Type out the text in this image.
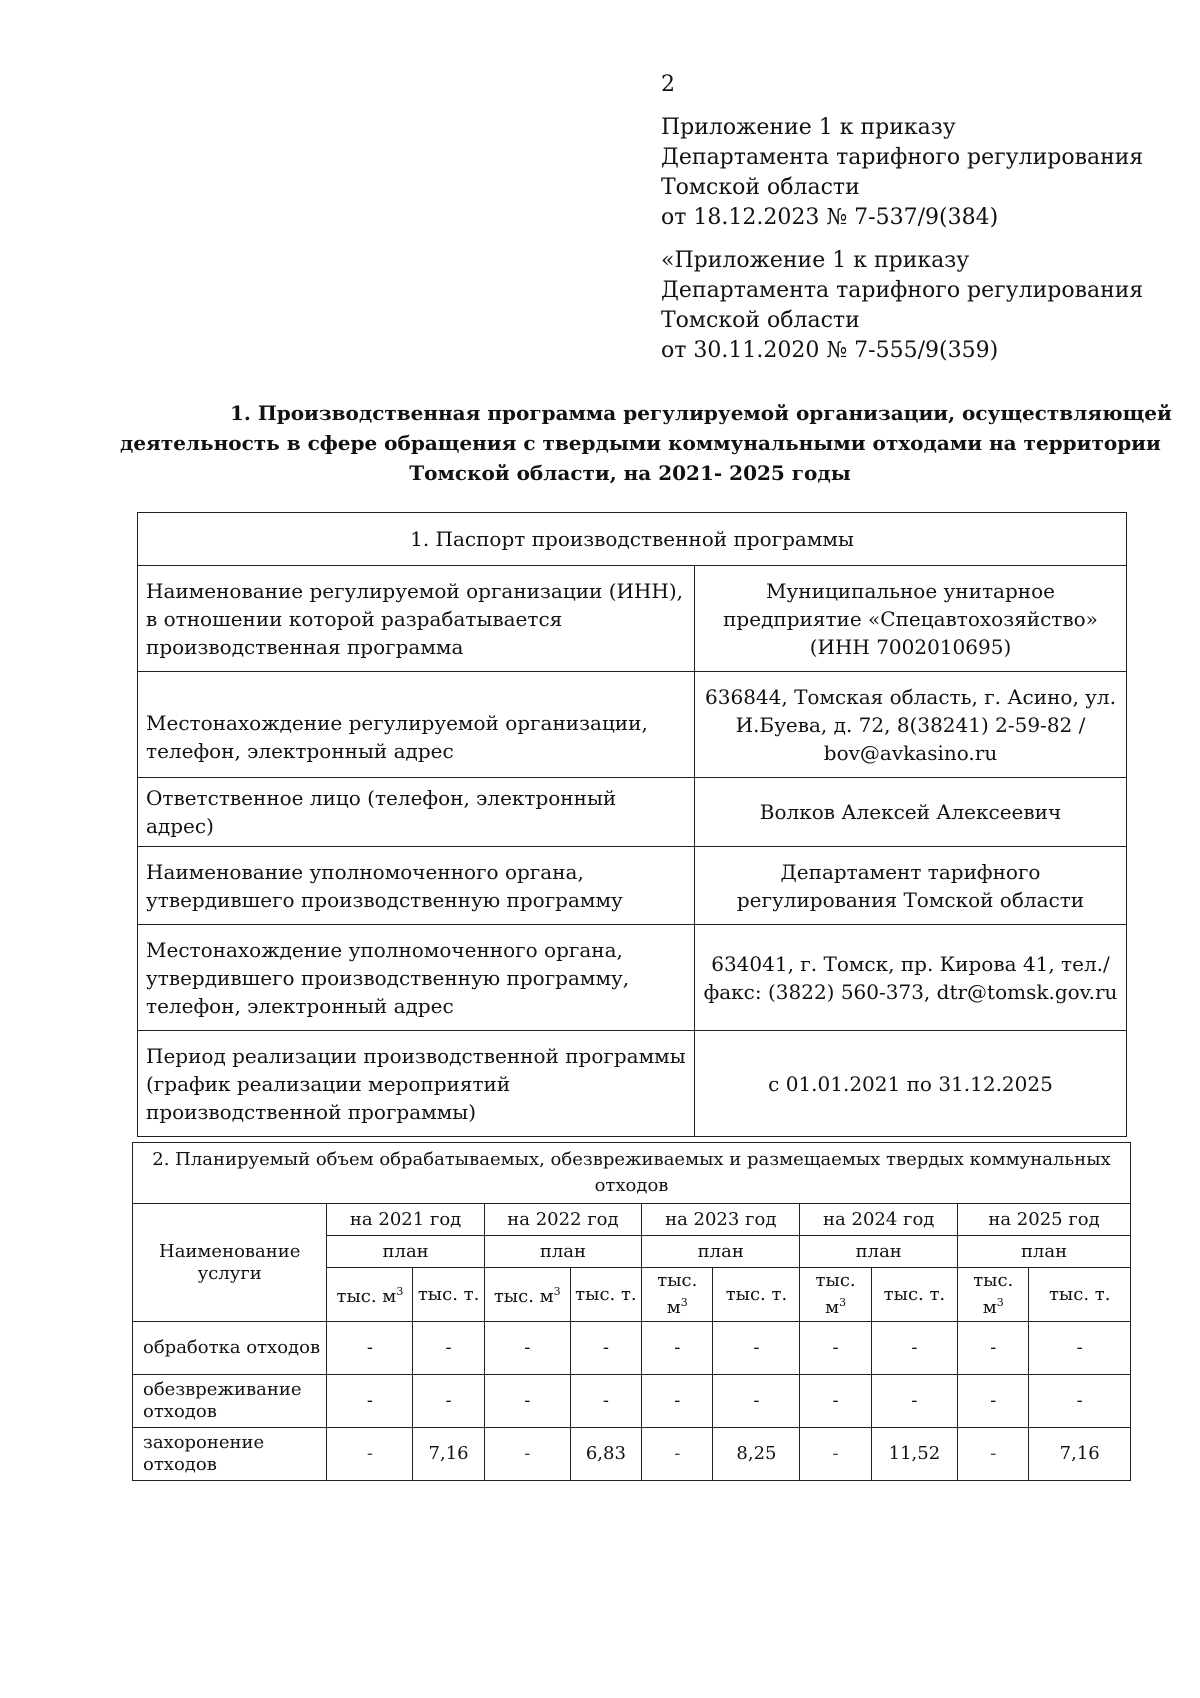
2
Приложение 1 к приказу
Департамента тарифного регулирования
Томской области
от 18.12.2023 № 7-537/9(384)
«Приложение 1 к приказу
Департамента тарифного регулирования
Томской области
от 30.11.2020 № 7-555/9(359)
1. Производственная программа регулируемой организации, осуществляющей
деятельность в сфере обращения с твердыми коммунальными отходами на территории
Томской области, на 2021- 2025 годы
1. Паспорт производственной программы	
Наименование регулируемой организации (ИНН), в отношении которой разрабатывается производственная программа	Муниципальное унитарное предприятие «Спецавтохозяйство» (ИНН 7002010695)
Местонахождение регулируемой организации, телефон, электронный адрес	636844, Томская область, г. Асино, ул. И.Буева, д. 72, 8(38241) 2-59-82 / bov@avkasino.ru
Ответственное лицо (телефон, электронный адрес)	Волков Алексей Алексеевич
Наименование уполномоченного органа, утвердившего производственную программу	Департамент тарифного регулирования Томской области
Местонахождение уполномоченного органа, утвердившего производственную программу, телефон, электронный адрес	634041, г. Томск, пр. Кирова 41, тел./факс: (3822) 560-373, dtr@tomsk.gov.ru
Период реализации производственной программы (график реализации мероприятий производственной программы)	с 01.01.2021 по 31.12.2025
2. Планируемый объем обрабатываемых, обезвреживаемых и размещаемых твердых коммунальных отходов										
Наименование услуги	на 2021 год		на 2022 год		на 2023 год		на 2024 год		на 2025 год	
	план		план		план		план		план	
	тыс. $м^3$	тыс. т.	тыс. $м^3$	тыс. т.	тыс. $м^3$	тыс. т.	тыс. $м^3$	тыс. т.	тыс. $м^3$	тыс. т.
обработка отходов	-	-	-	-	-	-	-	-	-	-
обезвреживание отходов	-	-	-	-	-	-	-	-	-	-
захоронение отходов	-	7,16	-	6,83	-	8,25	-	11,52	-	7,16
